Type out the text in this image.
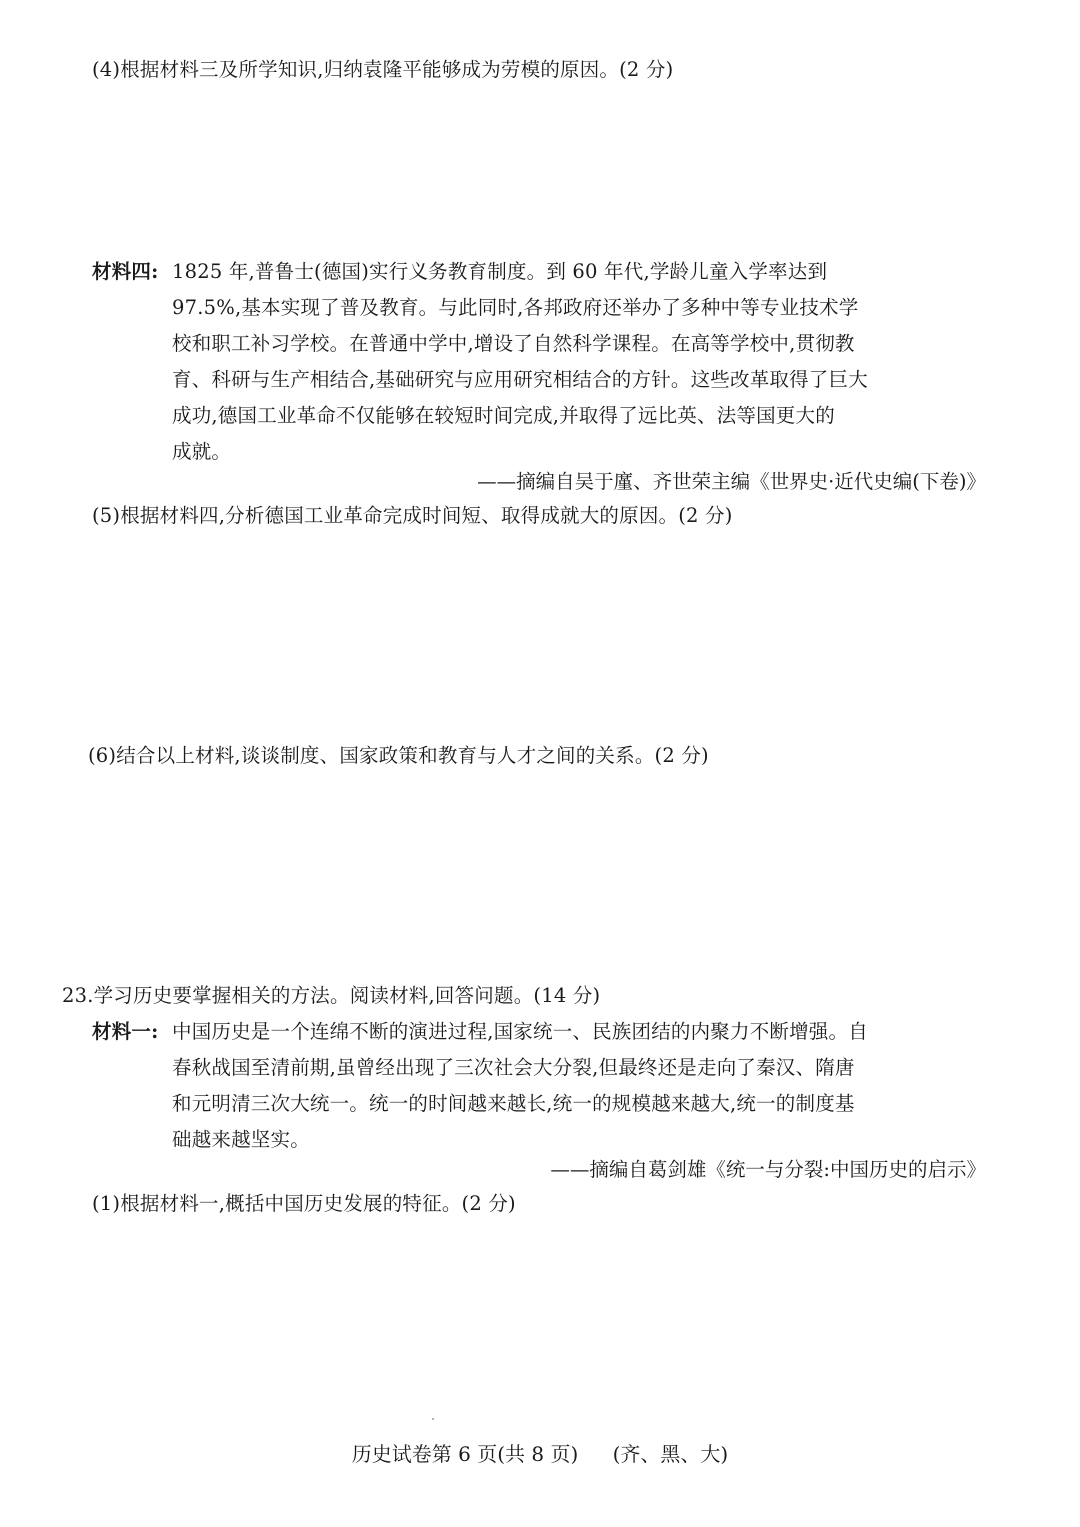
(4)根据材料三及所学知识,归纳袁隆平能够成为劳模的原因。(2 分)
材料四: 1825 年,普鲁士(德国)实行义务教育制度。到 60 年代,学龄儿童入学率达到
97.5%,基本实现了普及教育。与此同时,各邦政府还举办了多种中等专业技术学
校和职工补习学校。在普通中学中,增设了自然科学课程。在高等学校中,贯彻教
育、科研与生产相结合,基础研究与应用研究相结合的方针。这些改革取得了巨大
成功,德国工业革命不仅能够在较短时间完成,并取得了远比英、法等国更大的
成就。
——摘编自吴于廑、齐世荣主编《世界史·近代史编(下卷)》
(5)根据材料四,分析德国工业革命完成时间短、取得成就大的原因。(2 分)
(6)结合以上材料,谈谈制度、国家政策和教育与人才之间的关系。(2 分)
23.学习历史要掌握相关的方法。阅读材料,回答问题。(14 分)
材料一: 中国历史是一个连绵不断的演进过程,国家统一、民族团结的内聚力不断增强。自
春秋战国至清前期,虽曾经出现了三次社会大分裂,但最终还是走向了秦汉、隋唐
和元明清三次大统一。统一的时间越来越长,统一的规模越来越大,统一的制度基
础越来越坚实。
——摘编自葛剑雄《统一与分裂:中国历史的启示》
(1)根据材料一,概括中国历史发展的特征。(2 分)
历史试卷第 6 页(共 8 页) (齐、黑、大)
